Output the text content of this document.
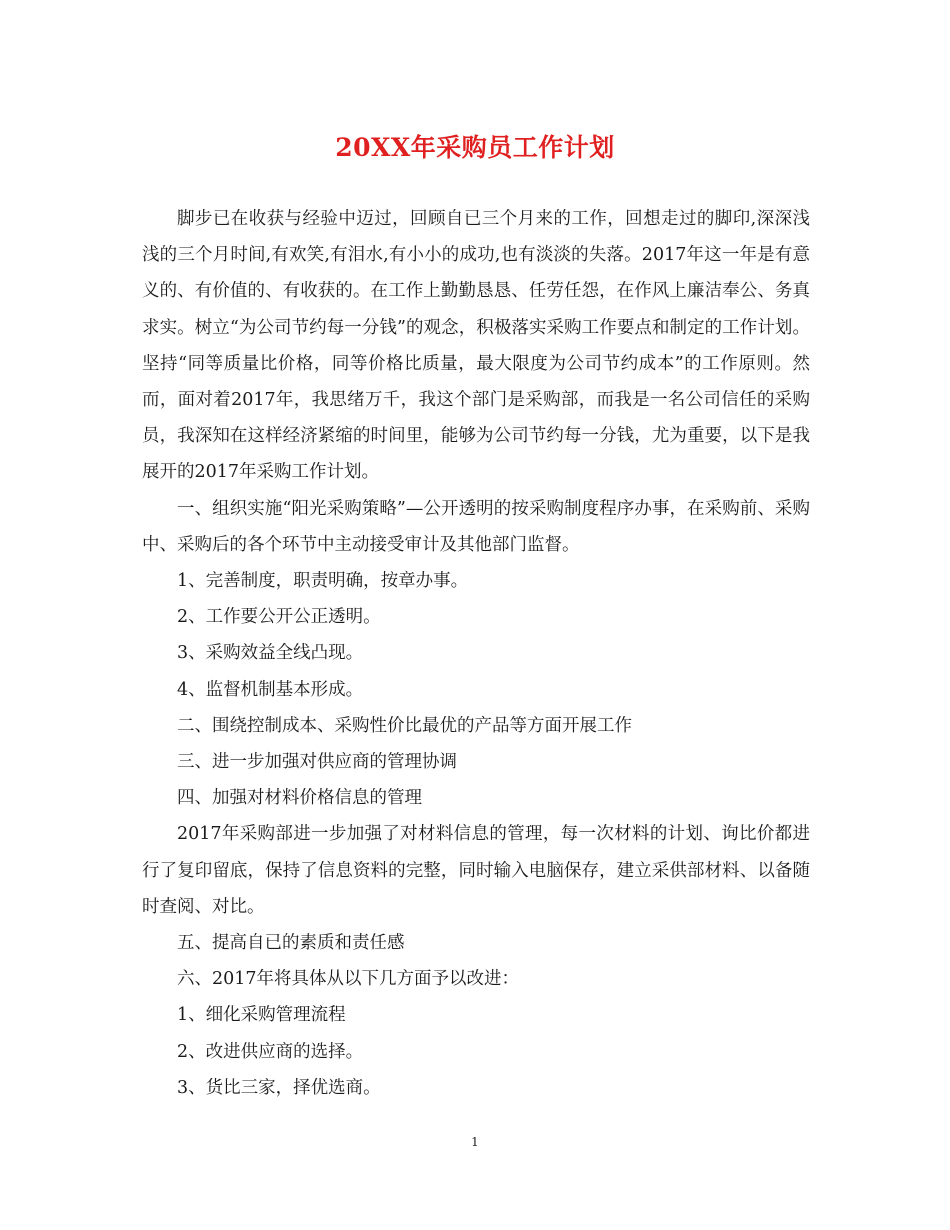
20XX年采购员工作计划

脚步已在收获与经验中迈过，回顾自已三个月来的工作，回想走过的脚印,深深浅浅的三个月时间,有欢笑,有泪水,有小小的成功,也有淡淡的失落。2017年这一年是有意义的、有价值的、有收获的。在工作上勤勤恳恳、任劳任怨，在作风上廉洁奉公、务真求实。树立“为公司节约每一分钱”的观念，积极落实采购工作要点和制定的工作计划。坚持“同等质量比价格，同等价格比质量，最大限度为公司节约成本”的工作原则。然而，面对着2017年，我思绪万千，我这个部门是采购部，而我是一名公司信任的采购员，我深知在这样经济紧缩的时间里，能够为公司节约每一分钱，尤为重要，以下是我展开的2017年采购工作计划。

一、组织实施“阳光采购策略”—公开透明的按采购制度程序办事，在采购前、采购中、采购后的各个环节中主动接受审计及其他部门监督。

1、完善制度，职责明确，按章办事。

2、工作要公开公正透明。

3、采购效益全线凸现。

4、监督机制基本形成。

二、围绕控制成本、采购性价比最优的产品等方面开展工作

三、进一步加强对供应商的管理协调

四、加强对材料价格信息的管理

2017年采购部进一步加强了对材料信息的管理，每一次材料的计划、询比价都进行了复印留底，保持了信息资料的完整，同时输入电脑保存，建立采供部材料、以备随时查阅、对比。

五、提高自已的素质和责任感

六、2017年将具体从以下几方面予以改进：

1、细化采购管理流程

2、改进供应商的选择。

3、货比三家，择优选商。

1
